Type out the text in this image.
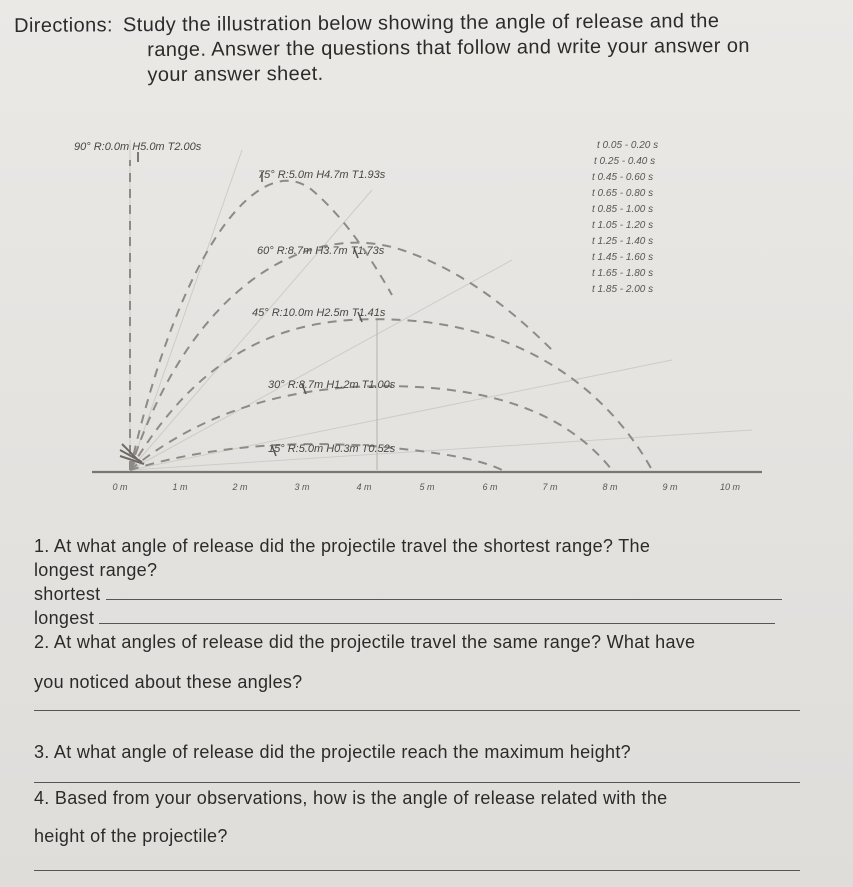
Directions: Study the illustration below showing the angle of release and the
range. Answer the questions that follow and write your answer on
your answer sheet.
90° R:0.0m H5.0m T2.00s
75° R:5.0m H4.7m T1.93s
60° R:8.7m H3.7m T1.73s
45° R:10.0m H2.5m T1.41s
30° R:8.7m H1.2m T1.00s
15° R:5.0m H0.3m T0.52s
t 0.05 - 0.20 s
t 0.25 - 0.40 s
t 0.45 - 0.60 s
t 0.65 - 0.80 s
t 0.85 - 1.00 s
t 1.05 - 1.20 s
t 1.25 - 1.40 s
t 1.45 - 1.60 s
t 1.65 - 1.80 s
t 1.85 - 2.00 s
0 m	1 m	2 m	3 m	4 m	5 m	6 m	7 m	8 m	9 m	10 m
1. At what angle of release did the projectile travel the shortest range? The
longest range?
shortest
longest
2. At what angles of release did the projectile travel the same range? What have
you noticed about these angles?
3. At what angle of release did the projectile reach the maximum height?
4. Based from your observations, how is the angle of release related with the
height of the projectile?
